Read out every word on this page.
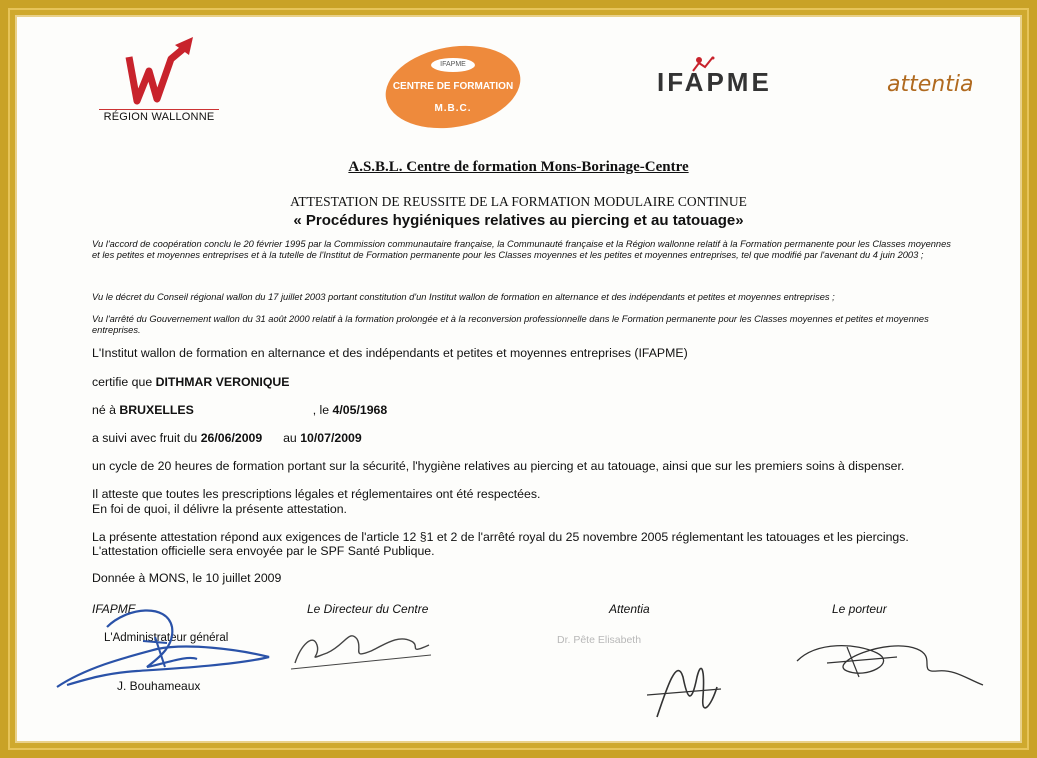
RÉGION WALLONNE
IFAPME
CENTRE DE FORMATION
M.B.C.
IFAPME	attentia
A.S.B.L. Centre de formation Mons-Borinage-Centre
ATTESTATION DE REUSSITE DE LA FORMATION MODULAIRE CONTINUE
« Procédures hygiéniques relatives au piercing et au tatouage»
Vu l'accord de coopération conclu le 20 février 1995 par la Commission communautaire française, la Communauté française et la Région wallonne relatif à la Formation permanente pour les Classes moyennes et les petites et moyennes entreprises et à la tutelle de l'Institut de Formation permanente pour les Classes moyennes et les petites et moyennes entreprises, tel que modifié par l'avenant du 4 juin 2003 ;
Vu le décret du Conseil régional wallon du 17 juillet 2003 portant constitution d'un Institut wallon de formation en alternance et des indépendants et petites et moyennes entreprises ;
Vu l'arrêté du Gouvernement wallon du 31 août 2000 relatif à la formation prolongée et à la reconversion professionnelle dans le Formation permanente pour les Classes moyennes et petites et moyennes entreprises.
L'Institut wallon de formation en alternance et des indépendants et petites et moyennes entreprises (IFAPME)
certifie que DITHMAR VERONIQUE
né à BRUXELLES	, le 4/05/1968
a suivi avec fruit du 26/06/2009 au 10/07/2009
un cycle de 20 heures de formation portant sur la sécurité, l'hygiène relatives au piercing et au tatouage, ainsi que sur les premiers soins à dispenser.
Il atteste que toutes les prescriptions légales et réglementaires ont été respectées.
En foi de quoi, il délivre la présente attestation.
La présente attestation répond aux exigences de l'article 12 §1 et 2 de l'arrêté royal du 25 novembre 2005 réglementant les tatouages et les piercings.
L'attestation officielle sera envoyée par le SPF Santé Publique.
Donnée à MONS, le 10 juillet 2009
IFAPME	Le Directeur du Centre	Attentia	Le porteur
L'Administrateur général
J. Bouhameaux
Dr. Pête Elisabeth
